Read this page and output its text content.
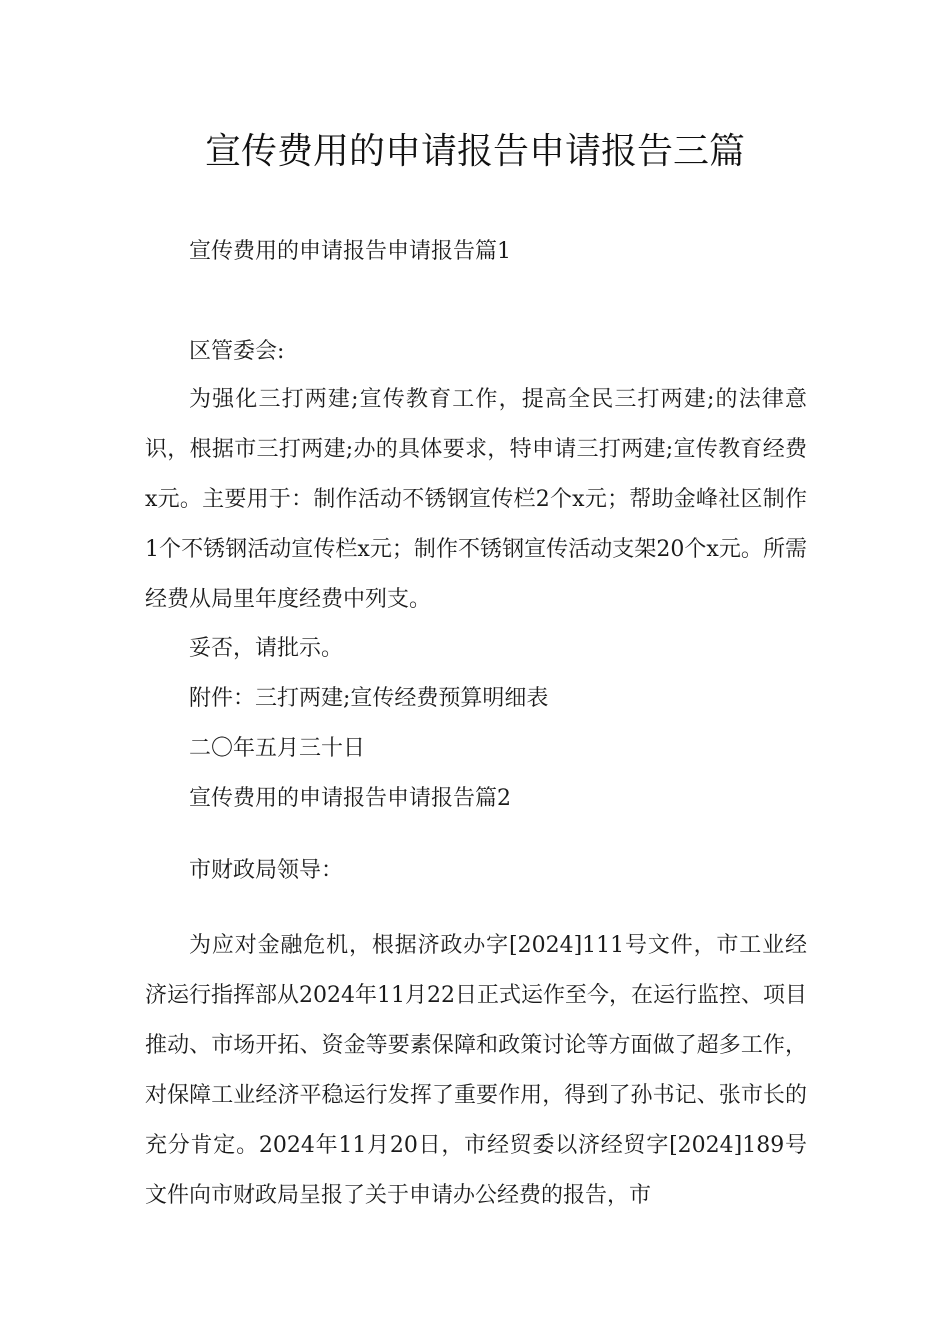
宣传费用的申请报告申请报告三篇

宣传费用的申请报告申请报告篇1

区管委会:

为强化三打两建;宣传教育工作，提高全民三打两建;的法律意识，根据市三打两建;办的具体要求，特申请三打两建;宣传教育经费x元。主要用于：制作活动不锈钢宣传栏2个x元；帮助金峰社区制作1个不锈钢活动宣传栏x元；制作不锈钢宣传活动支架20个x元。所需经费从局里年度经费中列支。

妥否，请批示。

附件：三打两建;宣传经费预算明细表

二〇年五月三十日

宣传费用的申请报告申请报告篇2

市财政局领导：

为应对金融危机，根据济政办字[2024]111号文件，市工业经济运行指挥部从2024年11月22日正式运作至今，在运行监控、项目推动、市场开拓、资金等要素保障和政策讨论等方面做了超多工作，对保障工业经济平稳运行发挥了重要作用，得到了孙书记、张市长的充分肯定。2024年11月20日，市经贸委以济经贸字[2024]189号文件向市财政局呈报了关于申请办公经费的报告，市
